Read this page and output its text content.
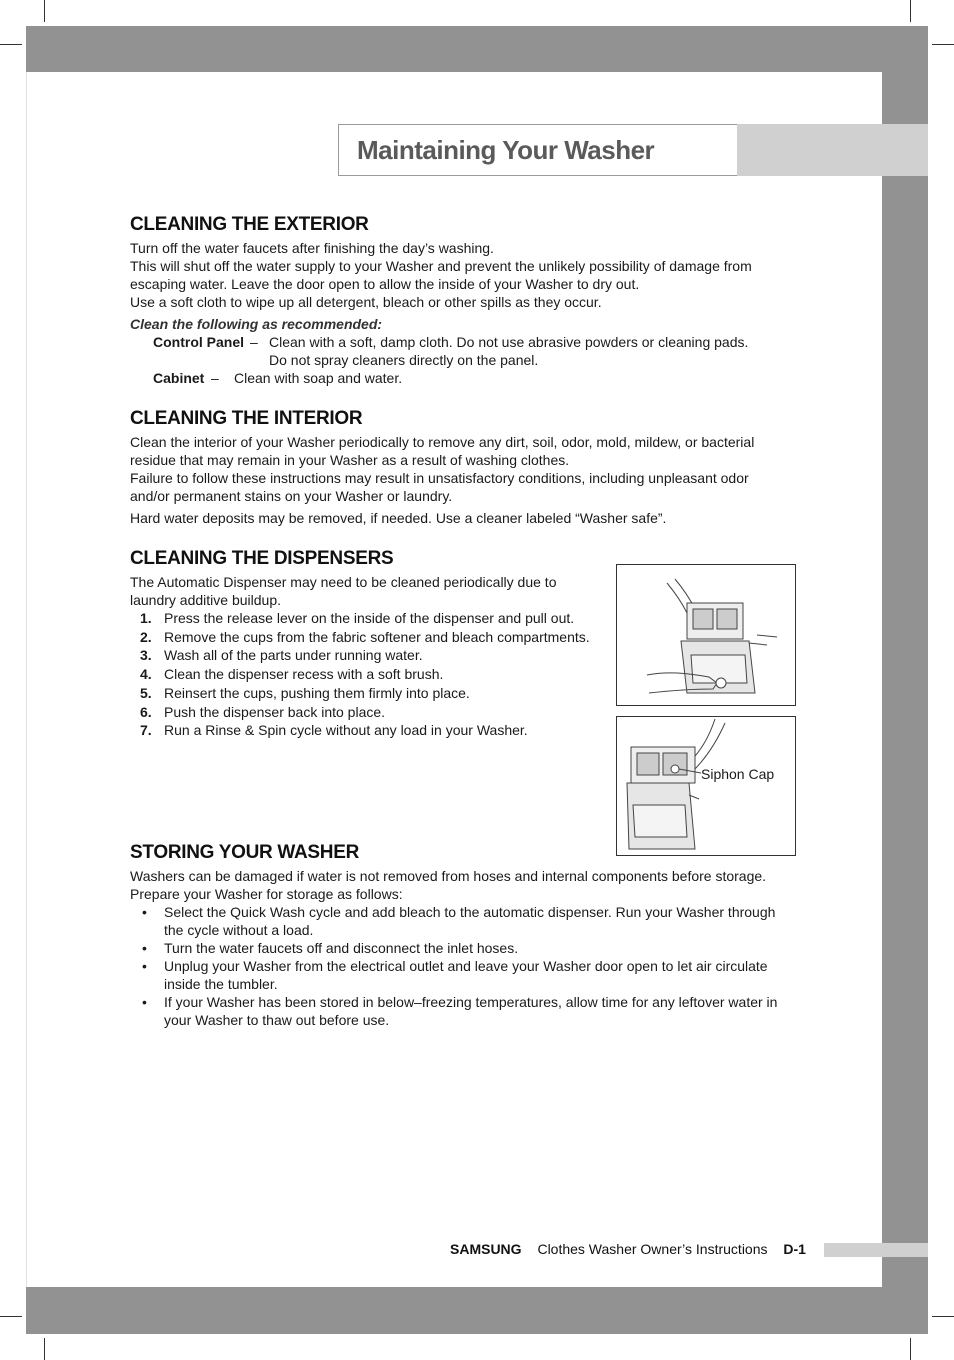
Maintaining Your Washer
CLEANING THE EXTERIOR

Turn off the water faucets after finishing the day’s washing.

This will shut off the water supply to your Washer and prevent the unlikely possibility of damage from

escaping water. Leave the door open to allow the inside of your Washer to dry out.

Use a soft cloth to wipe up all detergent, bleach or other spills as they occur.

Clean the following as recommended:

Control Panel – Clean with a soft, damp cloth. Do not use abrasive powders or cleaning pads.
Do not spray cleaners directly on the panel.
Cabinet – Clean with soap and water.
CLEANING THE INTERIOR

Clean the interior of your Washer periodically to remove any dirt, soil, odor, mold, mildew, or bacterial

residue that may remain in your Washer as a result of washing clothes.

Failure to follow these instructions may result in unsatisfactory conditions, including unpleasant odor

and/or permanent stains on your Washer or laundry.

Hard water deposits may be removed, if needed. Use a cleaner labeled “Washer safe”.

CLEANING THE DISPENSERS

The Automatic Dispenser may need to be cleaned periodically due to

laundry additive buildup.

1. Press the release lever on the inside of the dispenser and pull out.
2. Remove the cups from the fabric softener and bleach compartments.
3. Wash all of the parts under running water.
4. Clean the dispenser recess with a soft brush.
5. Reinsert the cups, pushing them firmly into place.
6. Push the dispenser back into place.
7. Run a Rinse & Spin cycle without any load in your Washer.
STORING YOUR WASHER

Washers can be damaged if water is not removed from hoses and internal components before storage.

Prepare your Washer for storage as follows:

• Select the Quick Wash cycle and add bleach to the automatic dispenser. Run your Washer through
the cycle without a load.
• Turn the water faucets off and disconnect the inlet hoses.
• Unplug your Washer from the electrical outlet and leave your Washer door open to let air circulate
inside the tumbler.
• If your Washer has been stored in below–freezing temperatures, allow time for any leftover water in
your Washer to thaw out before use.
Siphon Cap
SAMSUNG Clothes Washer Owner’s Instructions D-1
